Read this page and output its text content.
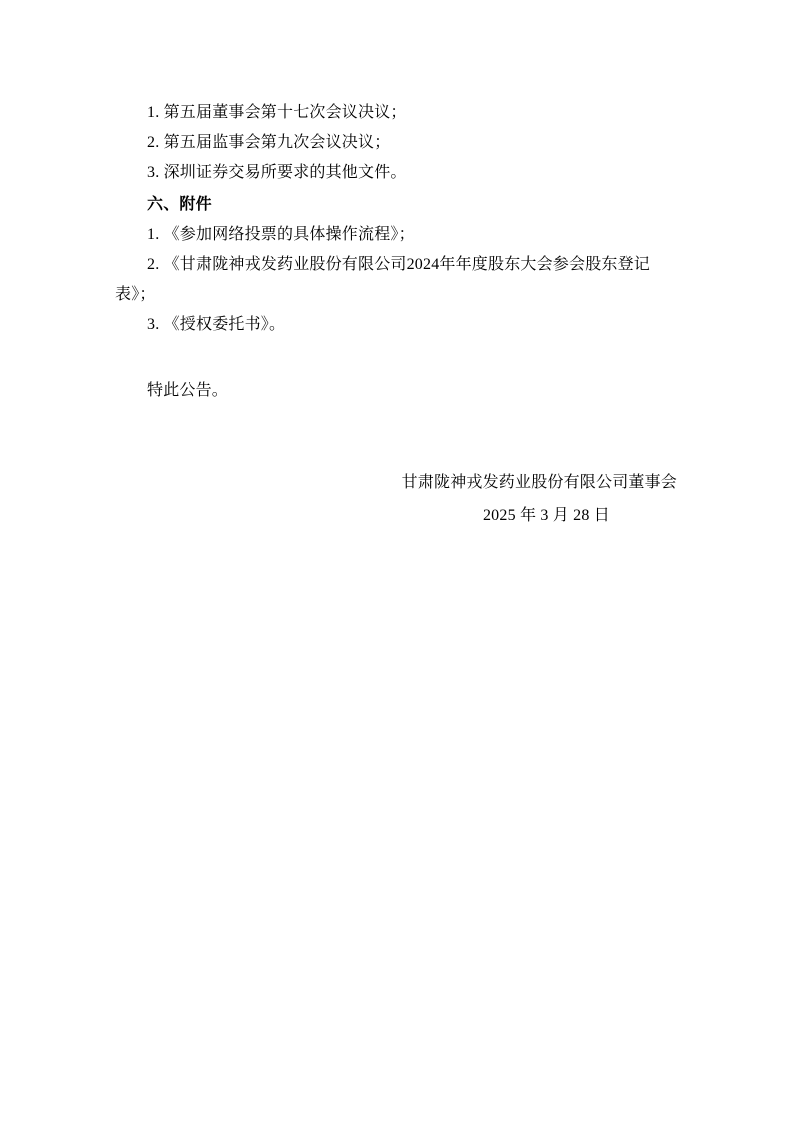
1. 第五届董事会第十七次会议决议；
2. 第五届监事会第九次会议决议；
3. 深圳证券交易所要求的其他文件。
六、附件
1. 《参加网络投票的具体操作流程》；
2. 《甘肃陇神戎发药业股份有限公司2024年年度股东大会参会股东登记
表》；
3. 《授权委托书》。
特此公告。
甘肃陇神戎发药业股份有限公司董事会
2025 年 3 月 28 日
